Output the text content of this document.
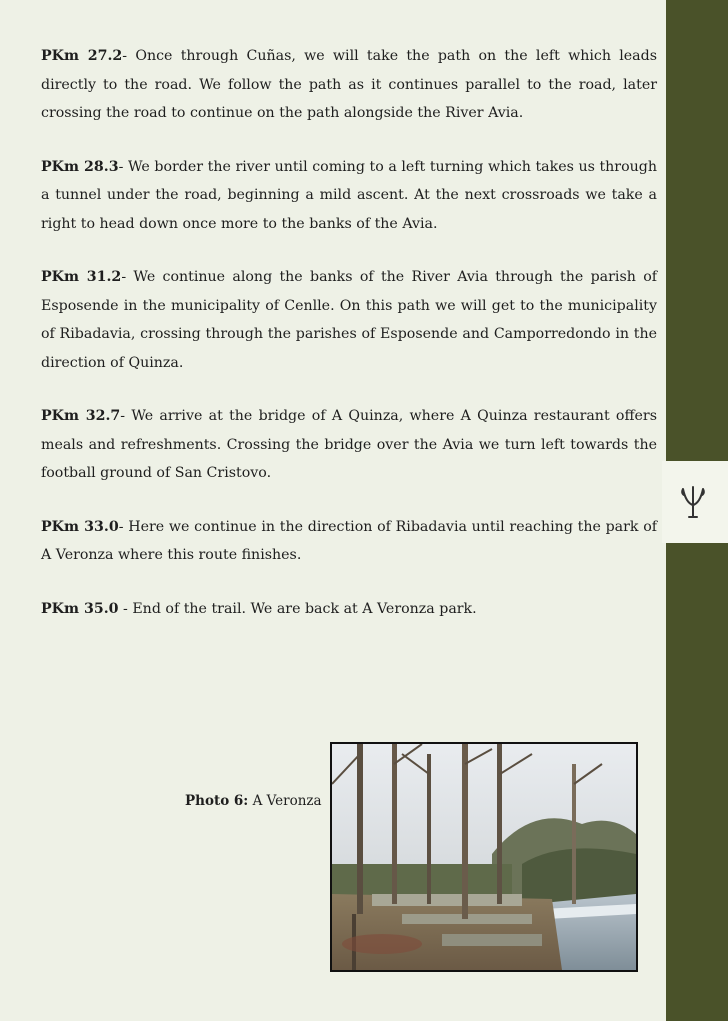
PKm 27.2- Once through Cuñas, we will take the path on the left which leads directly to the road. We follow the path as it continues parallel to the road, later crossing the road to continue on the path alongside the River Avia.

PKm 28.3- We border the river until coming to a left turning which takes us through a tunnel under the road, beginning a mild ascent. At the next crossroads we take a right to head down once more to the banks of the Avia.

PKm 31.2- We continue along the banks of the River Avia through the parish of Esposende in the municipality of Cenlle. On this path we will get to the municipality of Ribadavia, crossing through the parishes of Esposende and Camporredondo in the direction of Quinza.

PKm 32.7- We arrive at the bridge of A Quinza, where A Quinza restaurant offers meals and refreshments. Crossing the bridge over the Avia we turn left towards the football ground of San Cristovo.

PKm 33.0- Here we continue in the direction of Ribadavia until reaching the park of A Veronza where this route finishes.

PKm 35.0 - End of the trail. We are back at A Veronza park.

Photo 6: A Veronza
